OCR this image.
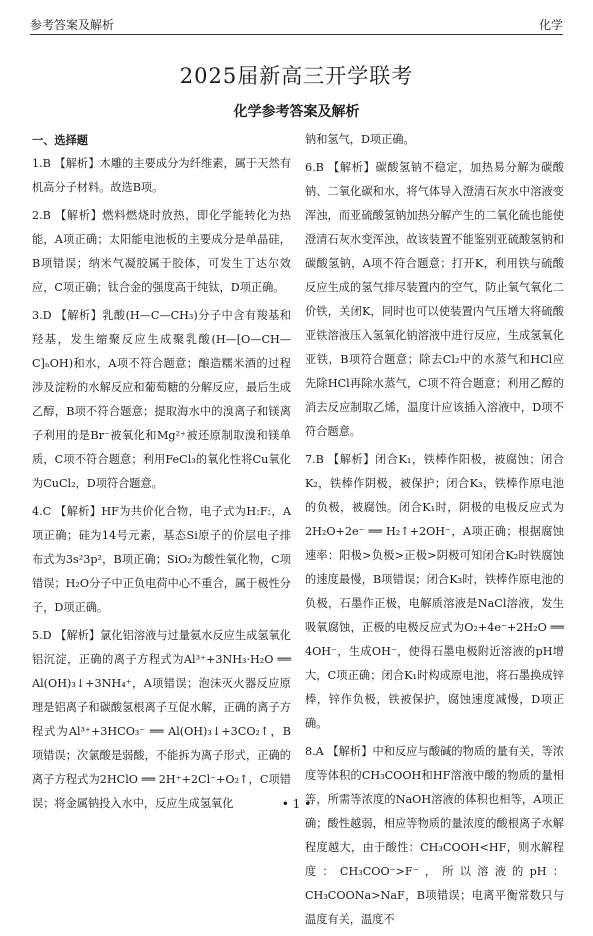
参考答案及解析	化学
2025届新高三开学联考
化学参考答案及解析

一、选择题

1.B 【解析】木雕的主要成分为纤维素，属于天然有机高分子材料。故选B项。

2.B 【解析】燃料燃烧时放热，即化学能转化为热能，A项正确；太阳能电池板的主要成分是单晶硅，B项错误；纳米气凝胶属于胶体，可发生丁达尔效应，C项正确；钛合金的强度高于纯钛，D项正确。

3.D 【解析】乳酸(H—C—CH₃)分子中含有羧基和羟基，发生缩聚反应生成聚乳酸(H—[O—CH—C]ₙOH)和水，A项不符合题意；酿造糯米酒的过程涉及淀粉的水解反应和葡萄糖的分解反应，最后生成乙醇，B项不符合题意；提取海水中的溴离子和镁离子利用的是Br⁻被氧化和Mg²⁺被还原制取溴和镁单质，C项不符合题意；利用FeCl₃的氧化性将Cu氧化为CuCl₂，D项符合题意。

4.C 【解析】HF为共价化合物，电子式为H:F:，A项正确；硅为14号元素，基态Si原子的价层电子排布式为3s²3p²，B项正确；SiO₂为酸性氧化物，C项错误；H₂O分子中正负电荷中心不重合，属于极性分子，D项正确。

5.D 【解析】氯化铝溶液与过量氨水反应生成氢氧化铝沉淀，正确的离子方程式为Al³⁺+3NH₃·H₂O ══ Al(OH)₃↓+3NH₄⁺，A项错误；泡沫灭火器反应原理是铝离子和碳酸氢根离子互促水解，正确的离子方程式为Al³⁺+3HCO₃⁻ ══ Al(OH)₃↓+3CO₂↑，B项错误；次氯酸是弱酸，不能拆为离子形式，正确的离子方程式为2HClO ══ 2H⁺+2Cl⁻+O₂↑，C项错误；将金属钠投入水中，反应生成氢氧化

钠和氢气，D项正确。

6.B 【解析】碳酸氢钠不稳定，加热易分解为碳酸钠、二氧化碳和水，将气体导入澄清石灰水中溶液变浑浊，而亚硫酸氢钠加热分解产生的二氧化硫也能使澄清石灰水变浑浊，故该装置不能鉴别亚硫酸氢钠和碳酸氢钠，A项不符合题意；打开K，利用铁与硫酸反应生成的氢气排尽装置内的空气，防止氧气氧化二价铁，关闭K，同时也可以使装置内气压增大将硫酸亚铁溶液压入氢氧化钠溶液中进行反应，生成氢氧化亚铁，B项符合题意；除去Cl₂中的水蒸气和HCl应先除HCl再除水蒸气，C项不符合题意；利用乙醇的消去反应制取乙烯，温度计应该插入溶液中，D项不符合题意。

7.B 【解析】闭合K₁，铁棒作阳极，被腐蚀；闭合K₂，铁棒作阴极，被保护；闭合K₃，铁棒作原电池的负极，被腐蚀。闭合K₁时，阴极的电极反应式为2H₂O+2e⁻ ══ H₂↑+2OH⁻，A项正确；根据腐蚀速率：阳极>负极>正极>阴极可知闭合K₂时铁腐蚀的速度最慢，B项错误；闭合K₃时，铁棒作原电池的负极，石墨作正极，电解质溶液是NaCl溶液，发生吸氧腐蚀，正极的电极反应式为O₂+4e⁻+2H₂O ══ 4OH⁻，生成OH⁻，使得石墨电极附近溶液的pH增大，C项正确；闭合K₁时构成原电池，将石墨换成锌棒，锌作负极，铁被保护，腐蚀速度减慢，D项正确。

8.A 【解析】中和反应与酸碱的物质的量有关，等浓度等体积的CH₃COOH和HF溶液中酸的物质的量相等，所需等浓度的NaOH溶液的体积也相等，A项正确；酸性越弱，相应等物质的量浓度的酸根离子水解程度越大，由于酸性：CH₃COOH<HF，则水解程度：CH₃COO⁻>F⁻，所以溶液的pH：CH₃COONa>NaF，B项错误；电离平衡常数只与温度有关，温度不

• 1 •
